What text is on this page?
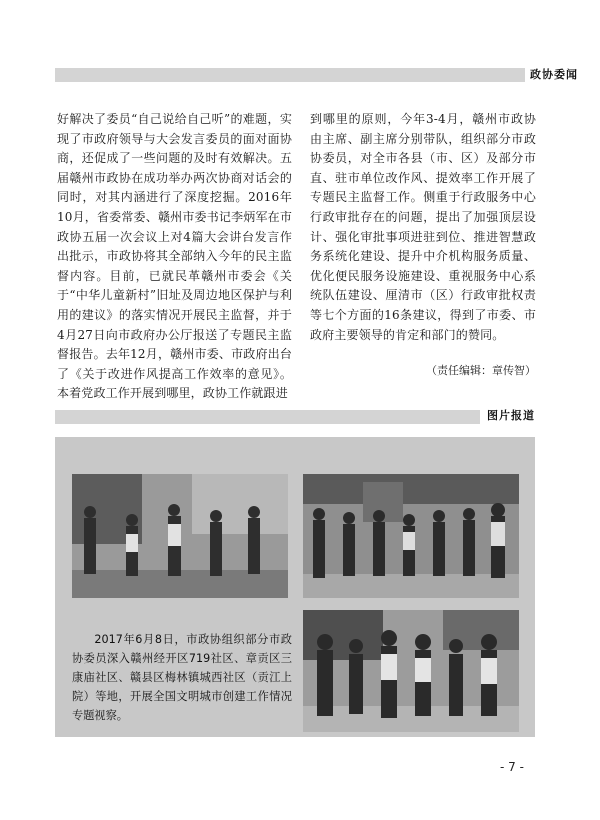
政协委闻

好解决了委员“自己说给自己听”的难题，实现了市政府领导与大会发言委员的面对面协商，还促成了一些问题的及时有效解决。五届赣州市政协在成功举办两次协商对话会的同时，对其内涵进行了深度挖掘。2016年10月，省委常委、赣州市委书记李炳军在市政协五届一次会议上对4篇大会讲台发言作出批示，市政协将其全部纳入今年的民主监督内容。目前，已就民革赣州市委会《关于“中华儿童新村”旧址及周边地区保护与利用的建议》的落实情况开展民主监督，并于4月27日向市政府办公厅报送了专题民主监督报告。去年12月，赣州市委、市政府出台了《关于改进作风提高工作效率的意见》。本着党政工作开展到哪里，政协工作就跟进

到哪里的原则，今年3-4月，赣州市政协由主席、副主席分别带队，组织部分市政协委员，对全市各县（市、区）及部分市直、驻市单位改作风、提效率工作开展了专题民主监督工作。侧重于行政服务中心行政审批存在的问题，提出了加强顶层设计、强化审批事项进驻到位、推进智慧政务系统化建设、提升中介机构服务质量、优化便民服务设施建设、重视服务中心系统队伍建设、厘清市（区）行政审批权责等七个方面的16条建议，得到了市委、市政府主要领导的肯定和部门的赞同。

（责任编辑：章传智）
图片报道

2017年6月8日，市政协组织部分市政协委员深入赣州经开区719社区、章贡区三康庙社区、赣县区梅林镇城西社区（贡江上院）等地，开展全国文明城市创建工作情况专题视察。

- 7 -
